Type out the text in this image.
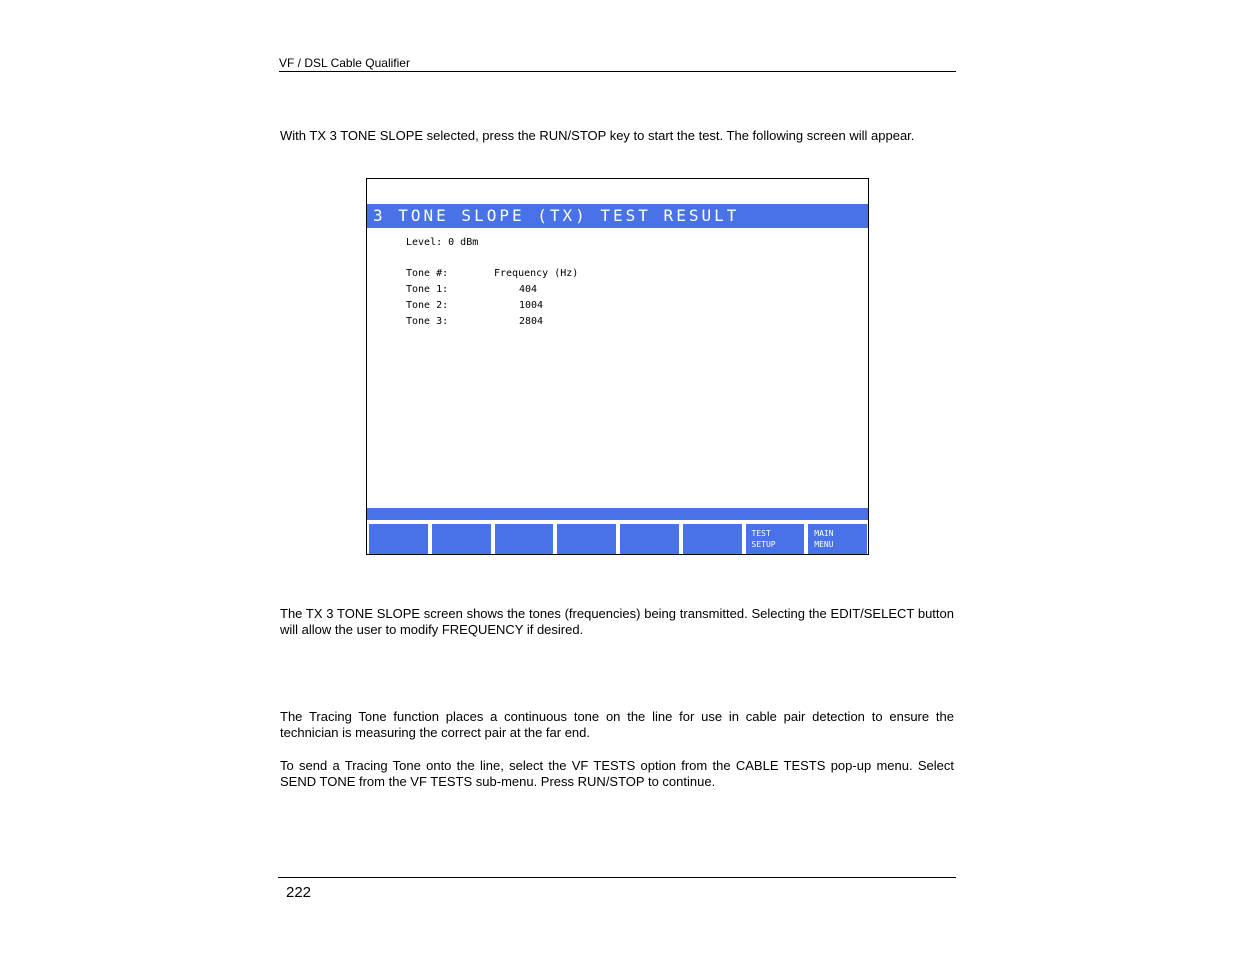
VF / DSL Cable Qualifier
With TX 3 TONE SLOPE selected, press the RUN/STOP key to start the test. The following screen will appear.
3 TONE SLOPE (TX) TEST RESULT
Level: 0 dBm
Tone #:	Frequency (Hz)
Tone 1:	404
Tone 2:	1004
Tone 3:	2804
TEST
SETUP
MAIN
MENU
The TX 3 TONE SLOPE screen shows the tones (frequencies) being transmitted. Selecting the EDIT/SELECT button will allow the user to modify FREQUENCY if desired.
The Tracing Tone function places a continuous tone on the line for use in cable pair detection to ensure the technician is measuring the correct pair at the far end.
To send a Tracing Tone onto the line, select the VF TESTS option from the CABLE TESTS pop-up menu. Select SEND TONE from the VF TESTS sub-menu. Press RUN/STOP to continue.
222
